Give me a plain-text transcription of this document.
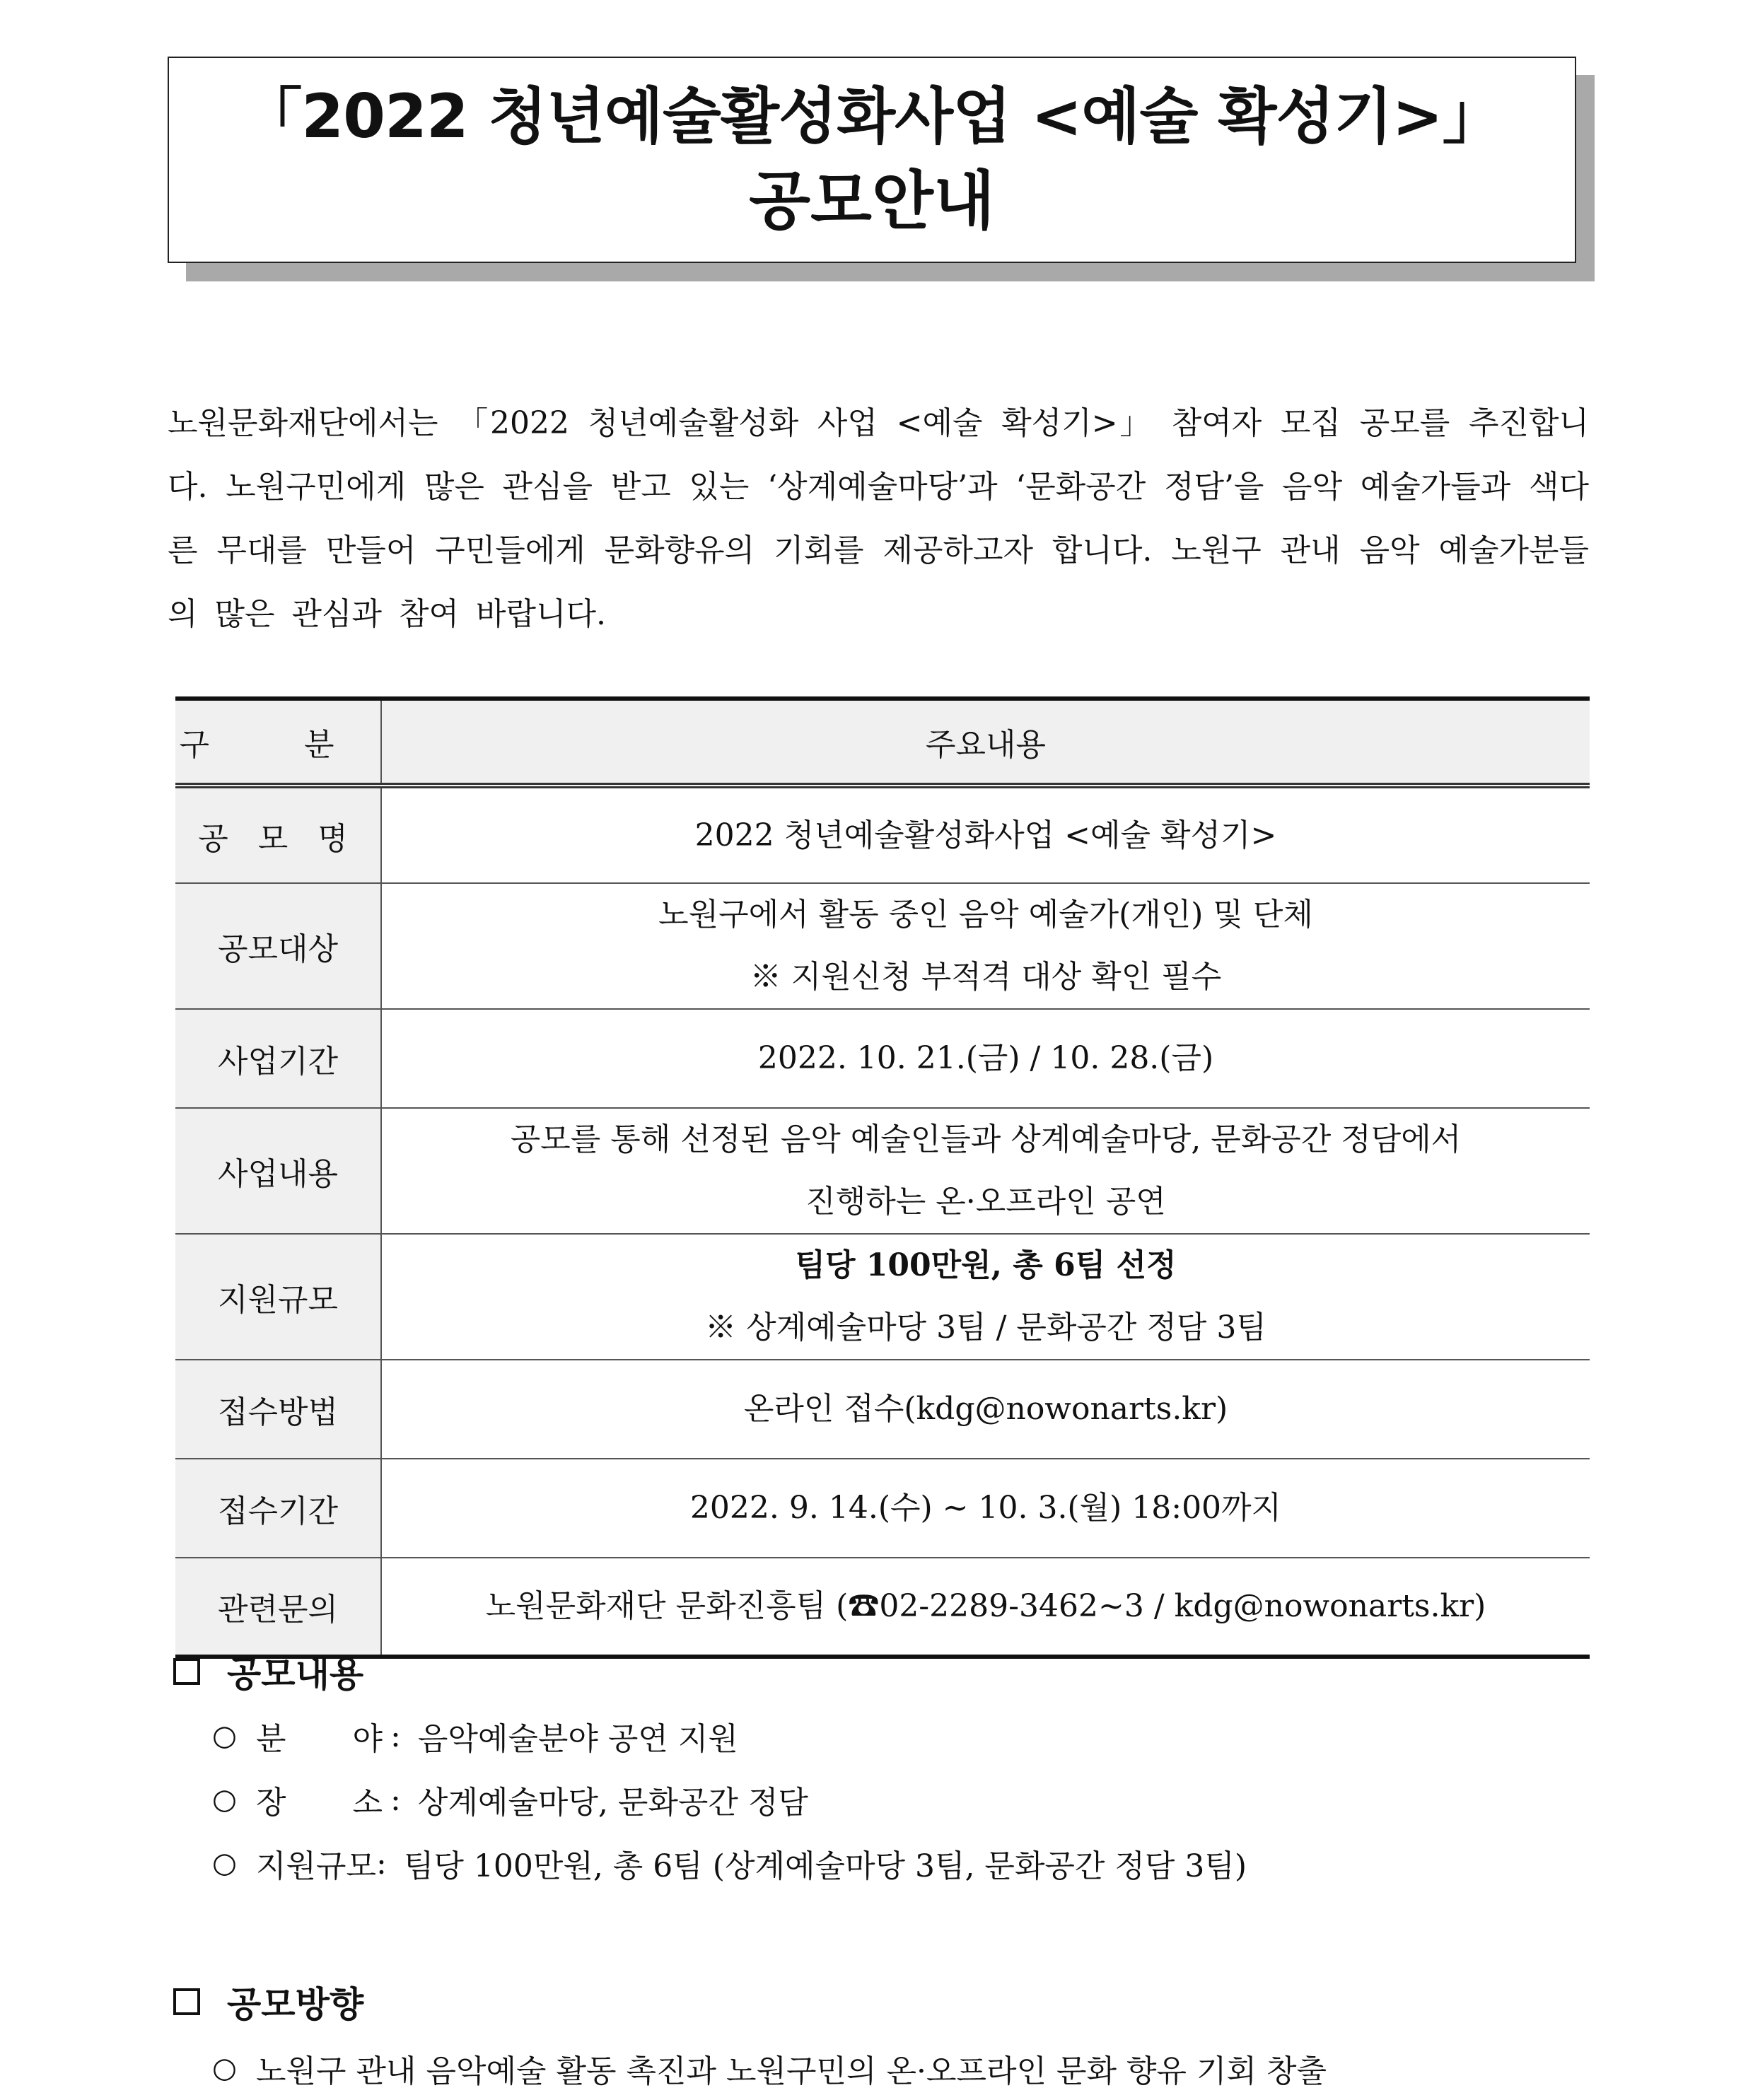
「2022 청년예술활성화사업 <예술 확성기>」
공모안내

노원문화재단에서는 「2022 청년예술활성화 사업 <예술 확성기>」 참여자 모집 공모를 추진합니다. 노원구민에게 많은 관심을 받고 있는 ‘상계예술마당’과 ‘문화공간 정담’을 음악 예술가들과 색다른 무대를 만들어 구민들에게 문화향유의 기회를 제공하고자 합니다. 노원구 관내 음악 예술가분들의 많은 관심과 참여 바랍니다.

구 분	주요내용
공 모 명	2022 청년예술활성화사업 <예술 확성기>

공모대상	노원구에서 활동 중인 음악 예술가(개인) 및 단체
※ 지원신청 부적격 대상 확인 필수

사업기간	2022. 10. 21.(금) / 10. 28.(금)

사업내용	공모를 통해 선정된 음악 예술인들과 상계예술마당, 문화공간 정담에서
진행하는 온·오프라인 공연

지원규모	팀당 100만원, 총 6팀 선정
※ 상계예술마당 3팀 / 문화공간 정담 3팀

접수방법	온라인 접수(kdg@nowonarts.kr)

접수기간	2022. 9. 14.(수) ~ 10. 3.(월) 18:00까지

관련문의	노원문화재단 문화진흥팀 (☎02-2289-3462~3 / kdg@nowonarts.kr)
공모내용
○ 분 야 : 음악예술분야 공연 지원
○ 장 소 : 상계예술마당, 문화공간 정담
○ 지원규모 : 팀당 100만원, 총 6팀 (상계예술마당 3팀, 문화공간 정담 3팀)
공모방향
○ 노원구 관내 음악예술 활동 촉진과 노원구민의 온·오프라인 문화 향유 기회 창출
